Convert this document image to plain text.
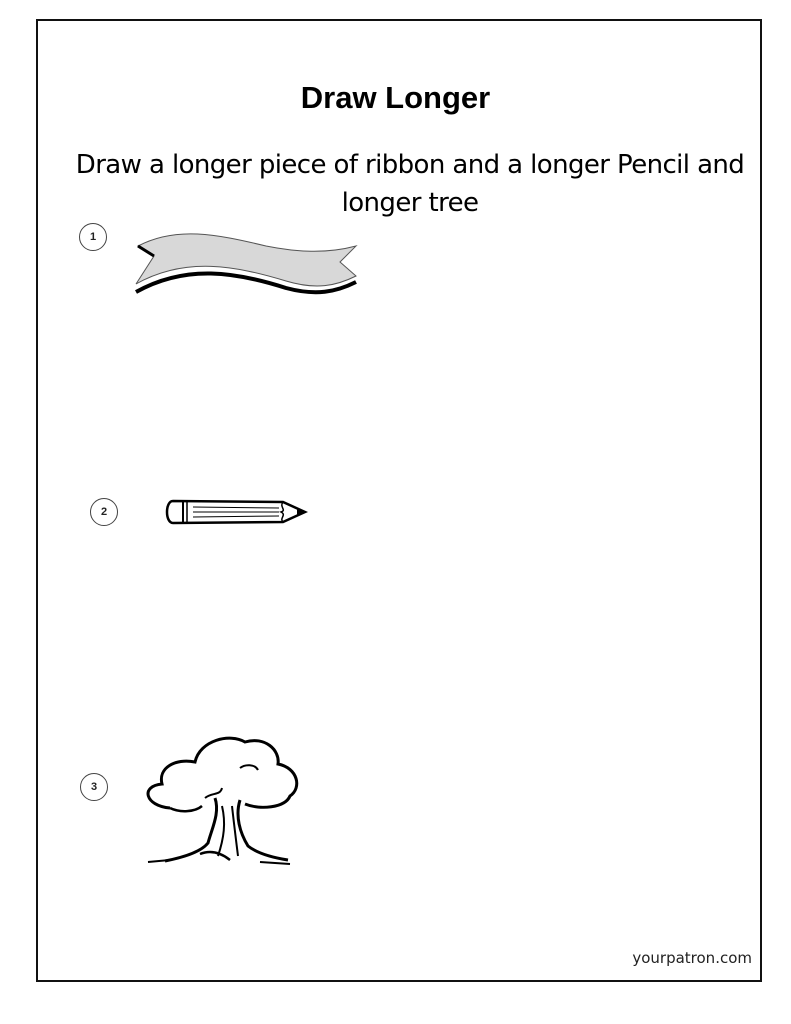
Draw Longer
Draw a longer piece of ribbon and a longer Pencil and longer tree
1
2
3
yourpatron.com
